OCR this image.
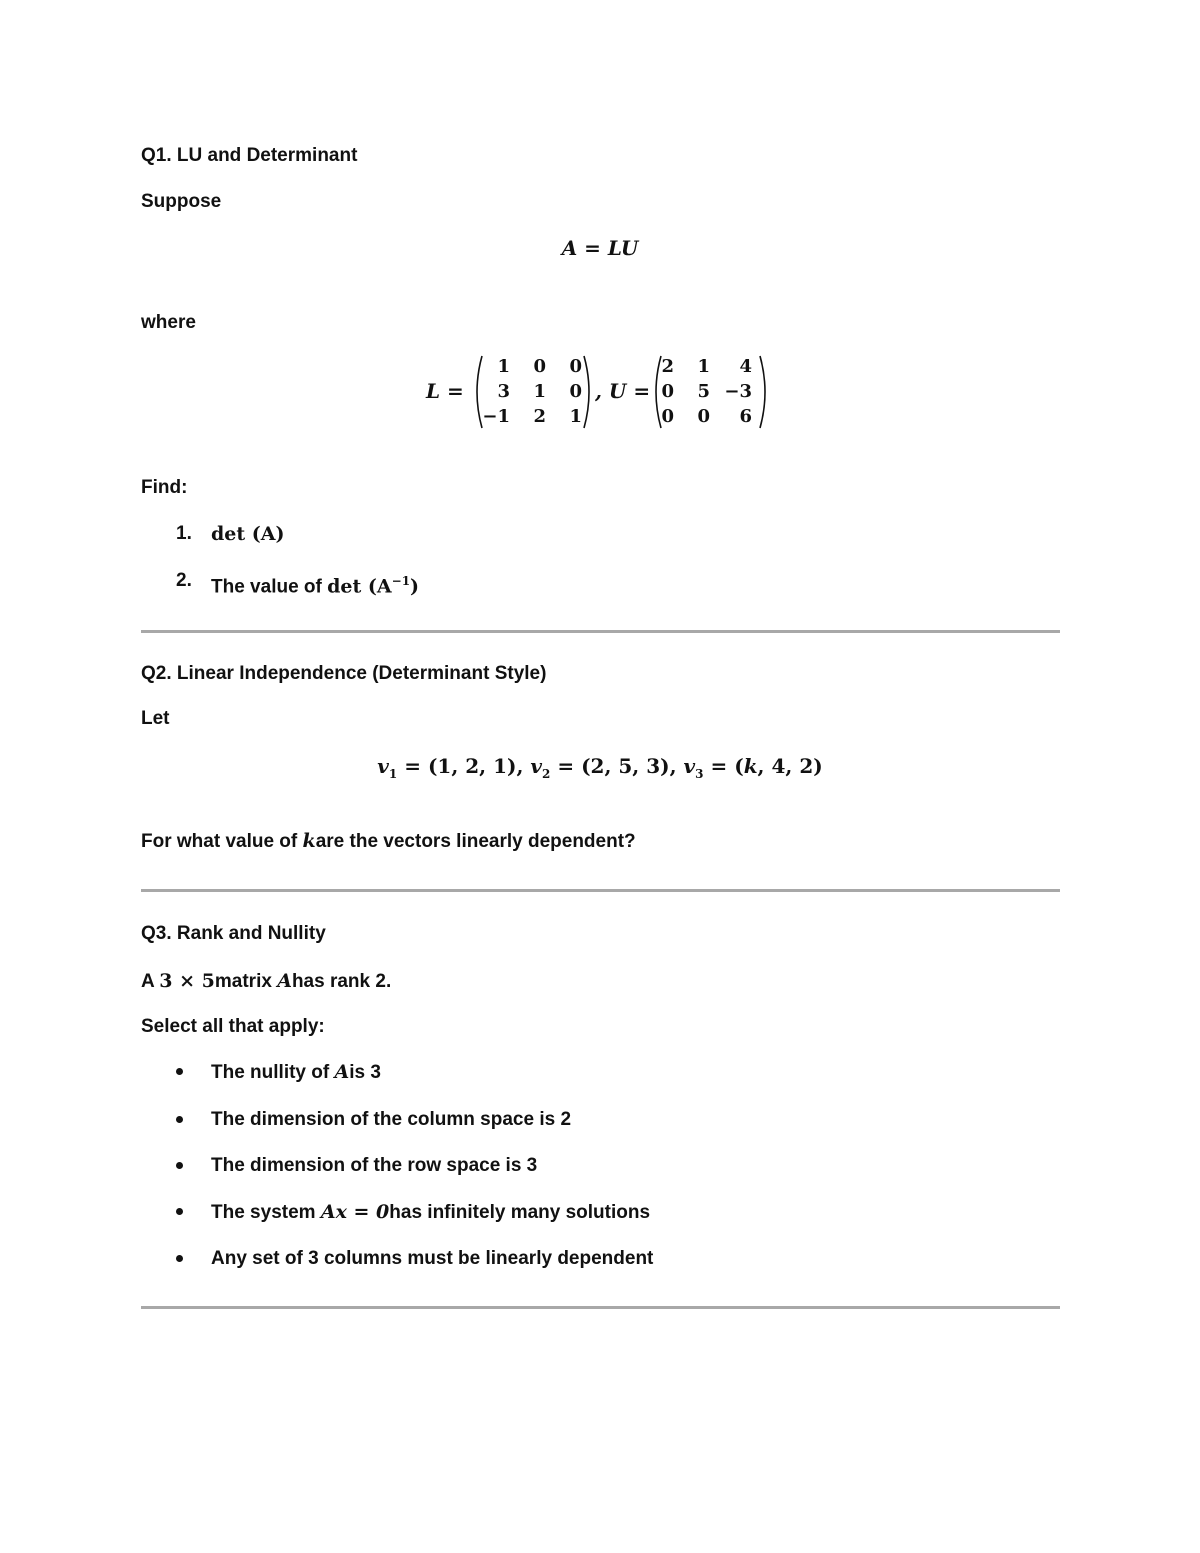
Q1. LU and Determinant
Suppose
A = LU
where
L =
1	0	0
3	1	0
−1	2	1
, U =
2	1	4
0	5 −3
0	0	6
Find:
1. det (A)
2. The value of $\det (A^{-1})$
Q2. Linear Independence (Determinant Style)
Let
$v_1 = (1$, 2, 1), $v_2 = (2$, 5, 3), $v_3 = (k$, 4, 2)
For what value of kare the vectors linearly dependent?
Q3. Rank and Nullity
A 3 × 5matrix Ahas rank 2.
Select all that apply:
The nullity of Ais 3
The dimension of the column space is 2
The dimension of the row space is 3
The system Ax = 0has infinitely many solutions
Any set of 3 columns must be linearly dependent
